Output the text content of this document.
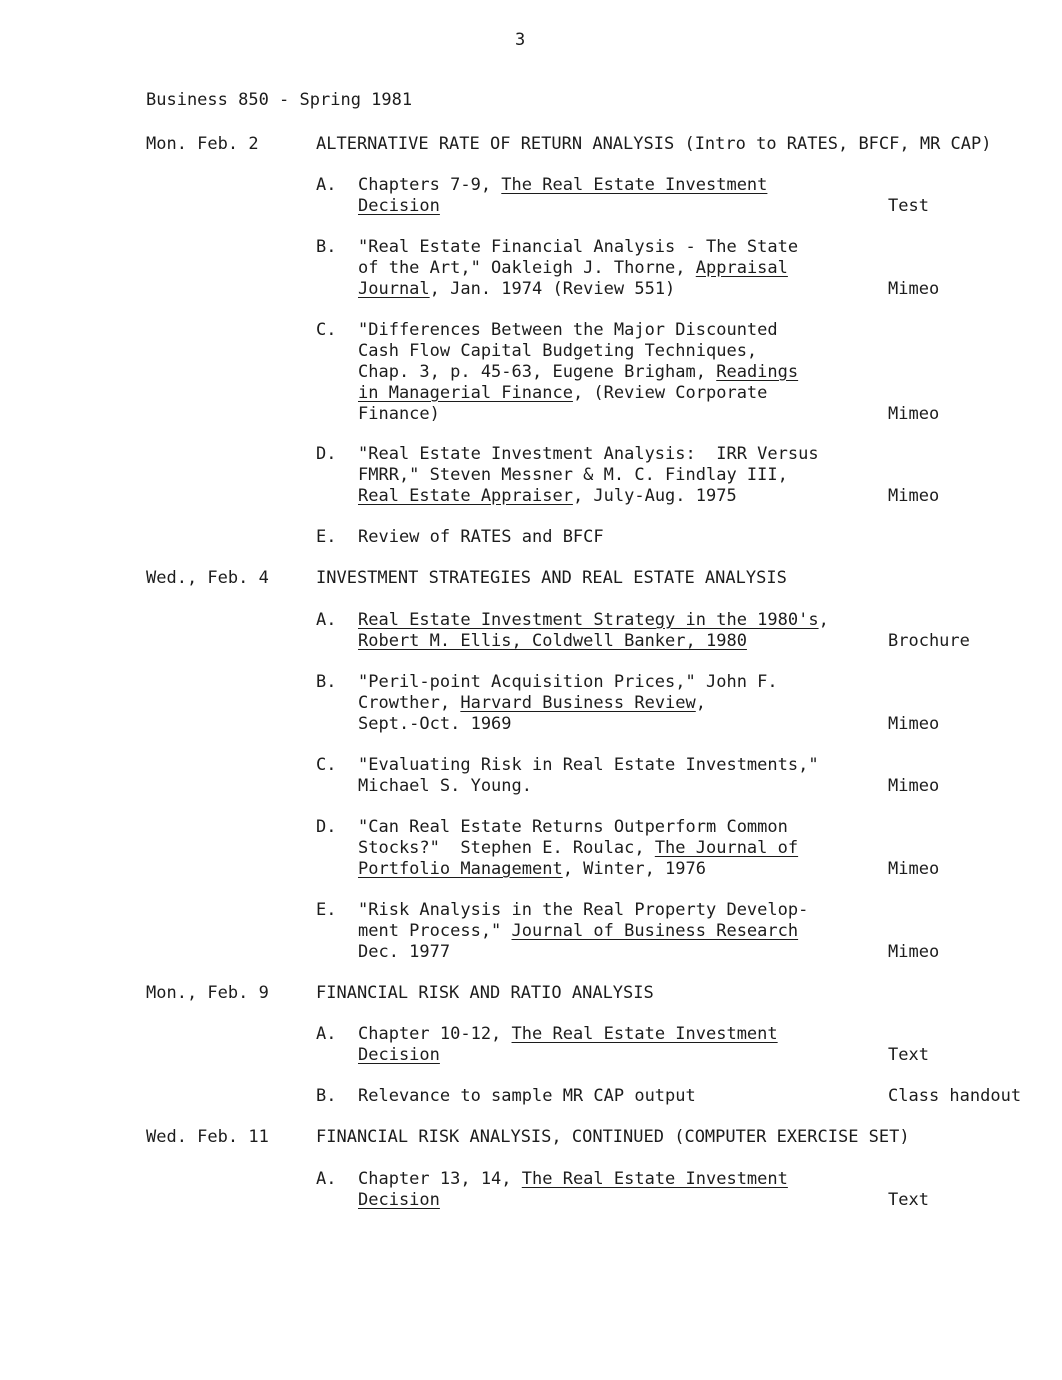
3
Business 850 - Spring 1981
Mon. Feb. 2	ALTERNATIVE RATE OF RETURN ANALYSIS (Intro to RATES, BFCF, MR CAP)
A. Chapters 7-9, The Real Estate Investment
Decision	Test
B. "Real Estate Financial Analysis - The State
of the Art," Oakleigh J. Thorne, Appraisal
Journal, Jan. 1974 (Review 551)	Mimeo
C. "Differences Between the Major Discounted
Cash Flow Capital Budgeting Techniques,
Chap. 3, p. 45-63, Eugene Brigham, Readings
in Managerial Finance, (Review Corporate
Finance)	Mimeo
D. "Real Estate Investment Analysis:  IRR Versus
FMRR," Steven Messner & M. C. Findlay III,
Real Estate Appraiser, July-Aug. 1975	Mimeo
E. Review of RATES and BFCF
Wed., Feb. 4	INVESTMENT STRATEGIES AND REAL ESTATE ANALYSIS
A. Real Estate Investment Strategy in the 1980's,
Robert M. Ellis, Coldwell Banker, 1980	Brochure
B. "Peril-point Acquisition Prices," John F.
Crowther, Harvard Business Review,
Sept.-Oct. 1969	Mimeo
C. "Evaluating Risk in Real Estate Investments,"
Michael S. Young.	Mimeo
D. "Can Real Estate Returns Outperform Common
Stocks?"  Stephen E. Roulac, The Journal of
Portfolio Management, Winter, 1976	Mimeo
E. "Risk Analysis in the Real Property Develop-
ment Process," Journal of Business Research
Dec. 1977	Mimeo
Mon., Feb. 9	FINANCIAL RISK AND RATIO ANALYSIS
A. Chapter 10-12, The Real Estate Investment
Decision	Text
B. Relevance to sample MR CAP output	Class handout
Wed. Feb. 11	FINANCIAL RISK ANALYSIS, CONTINUED (COMPUTER EXERCISE SET)
A. Chapter 13, 14, The Real Estate Investment
Decision	Text
